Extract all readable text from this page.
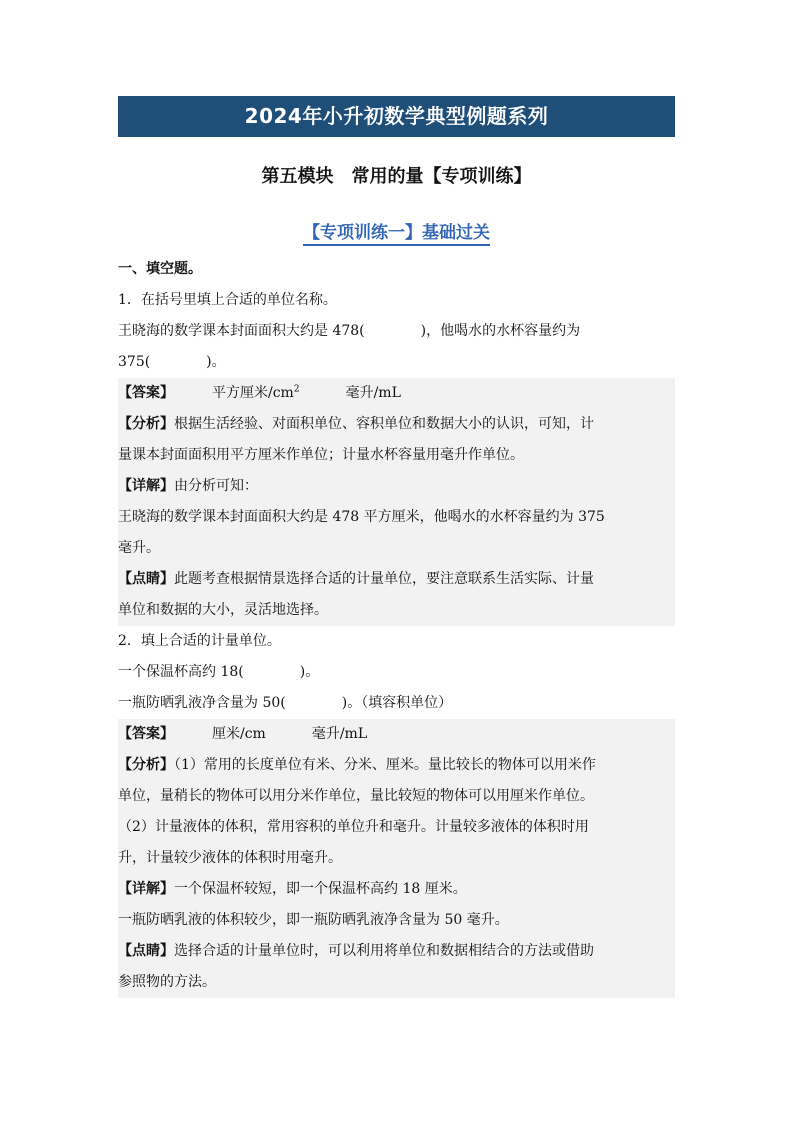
2024年小升初数学典型例题系列
第五模块　常用的量【专项训练】
【专项训练一】基础过关
一、填空题。
1．在括号里填上合适的单位名称。
王晓海的数学课本封面面积大约是 478(　　　　)，他喝水的水杯容量约为
375(　　　　)。
【答案】	平方厘米$/cm^2$	毫升/mL
【分析】根据生活经验、对面积单位、容积单位和数据大小的认识，可知，计
量课本封面面积用平方厘米作单位；计量水杯容量用毫升作单位。
【详解】由分析可知：
王晓海的数学课本封面面积大约是 478 平方厘米，他喝水的水杯容量约为 375
毫升。
【点睛】此题考查根据情景选择合适的计量单位，要注意联系生活实际、计量
单位和数据的大小，灵活地选择。
2．填上合适的计量单位。
一个保温杯高约 18(　　　　)。
一瓶防晒乳液净含量为 50(　　　　)。（填容积单位）
【答案】	厘米/cm	毫升/mL
【分析】（1）常用的长度单位有米、分米、厘米。量比较长的物体可以用米作
单位，量稍长的物体可以用分米作单位，量比较短的物体可以用厘米作单位。
（2）计量液体的体积，常用容积的单位升和毫升。计量较多液体的体积时用
升，计量较少液体的体积时用毫升。
【详解】一个保温杯较短，即一个保温杯高约 18 厘米。
一瓶防晒乳液的体积较少，即一瓶防晒乳液净含量为 50 毫升。
【点睛】选择合适的计量单位时，可以利用将单位和数据相结合的方法或借助
参照物的方法。
